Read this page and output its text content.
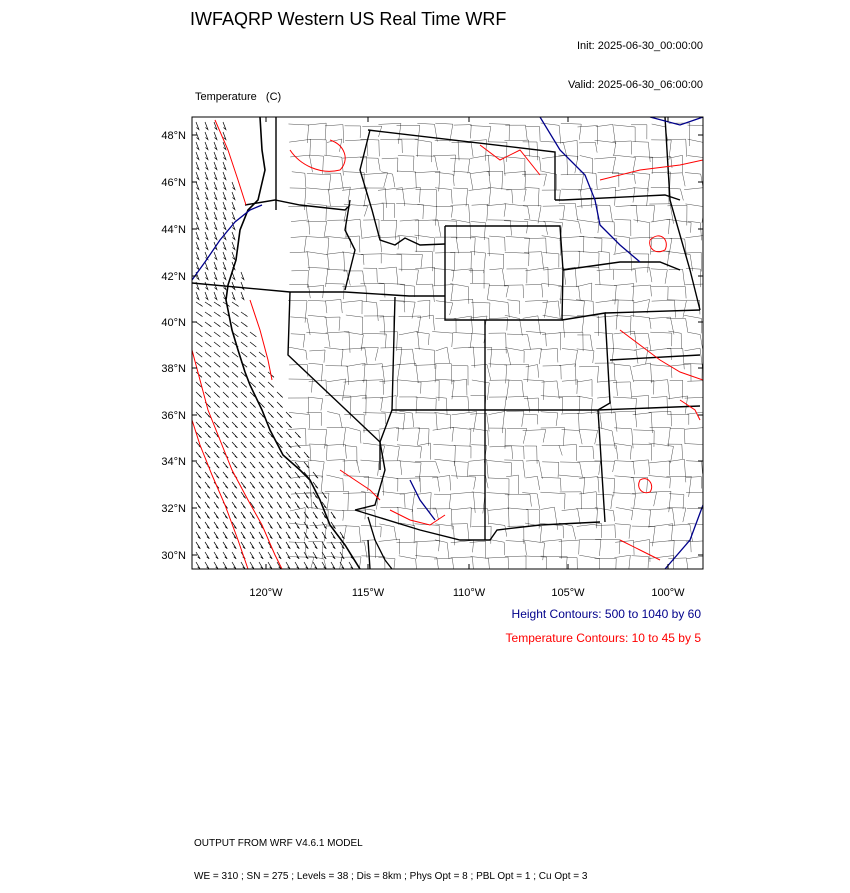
IWFAQRP Western US Real Time WRF

Init: 2025-06-30_00:00:00

Valid: 2025-06-30_06:00:00

Temperature   (C)

48°N
46°N
44°N
42°N
40°N
38°N
36°N
34°N
32°N
30°N
120°W	115°W	110°W	105°W	100°W
Height Contours: 500 to 1040 by 60
Temperature Contours: 10 to 45 by 5

OUTPUT FROM WRF V4.6.1 MODEL

WE = 310 ; SN = 275 ; Levels = 38 ; Dis = 8km ; Phys Opt = 8 ; PBL Opt = 1 ; Cu Opt = 3
